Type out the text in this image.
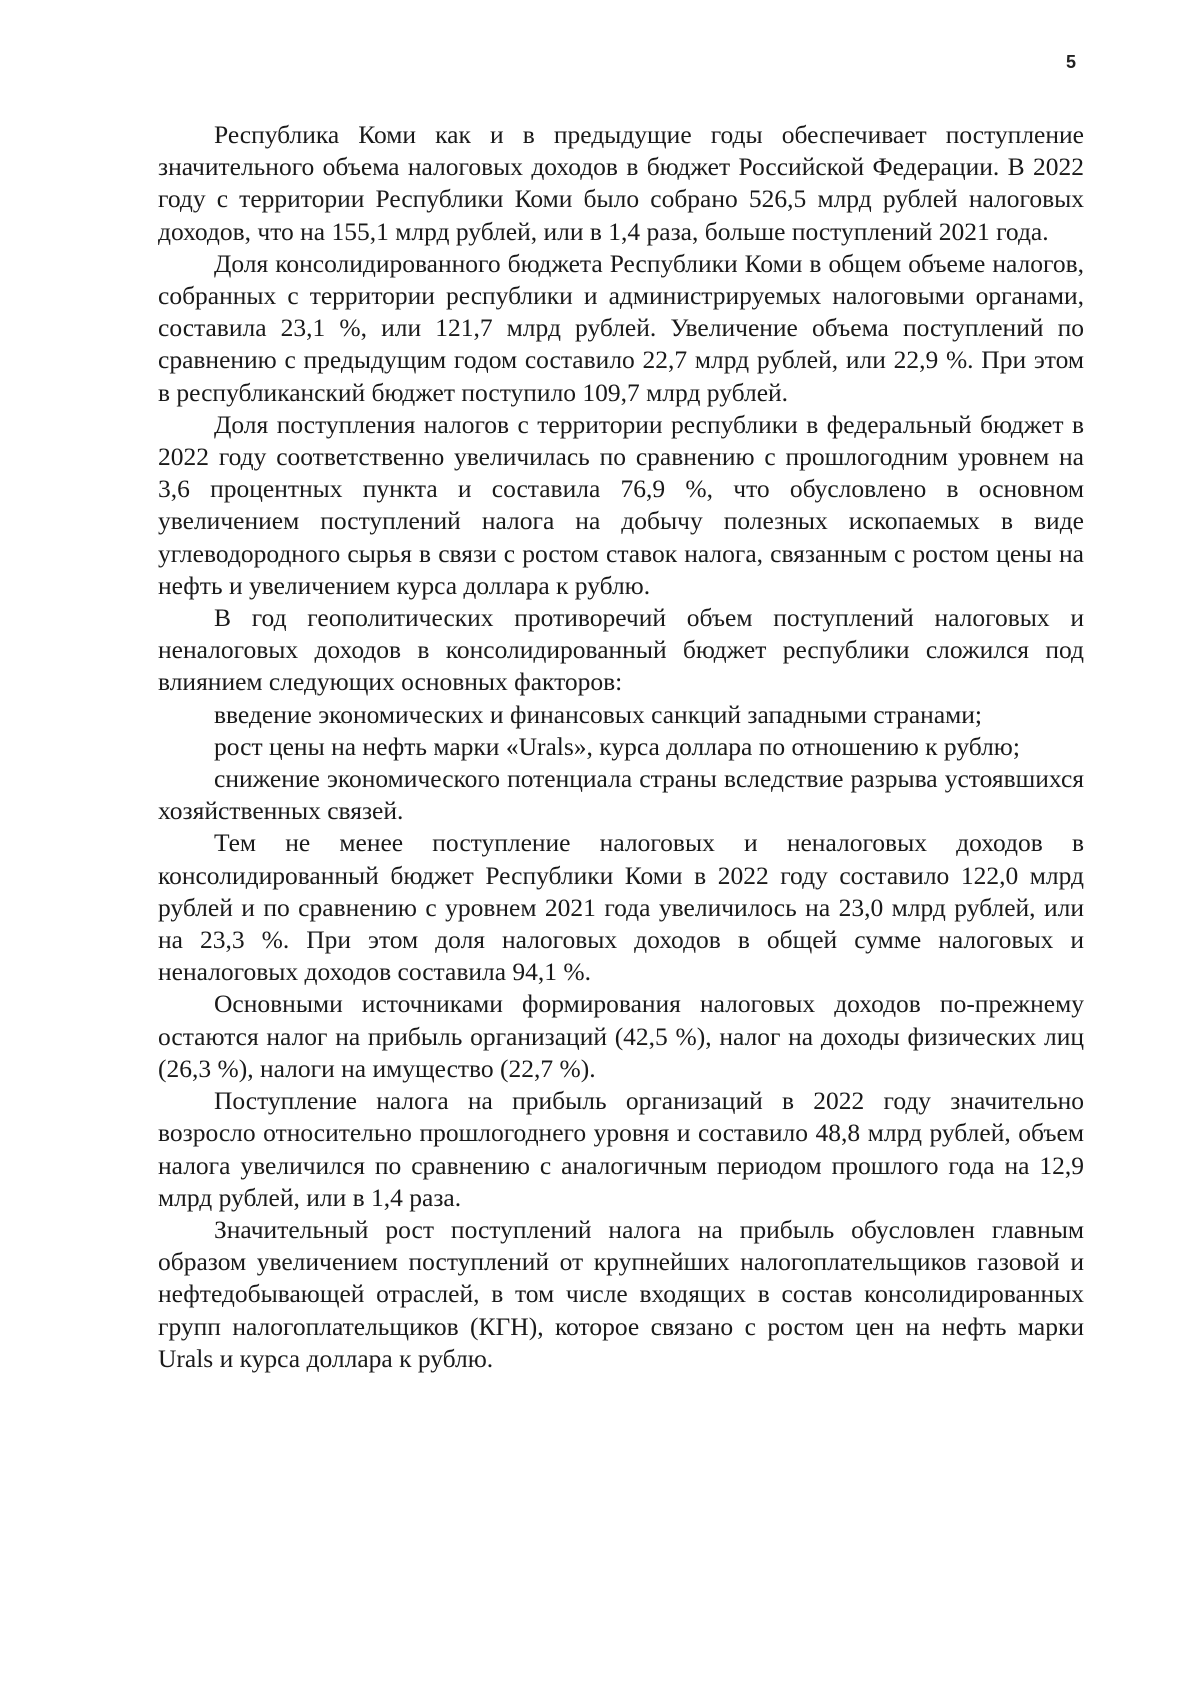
5

Республика Коми как и в предыдущие годы обеспечивает поступление значительного объема налоговых доходов в бюджет Российской Федерации. В 2022 году с территории Республики Коми было собрано 526,5 млрд рублей налоговых доходов, что на 155,1 млрд рублей, или в 1,4 раза, больше поступлений 2021 года.

Доля консолидированного бюджета Республики Коми в общем объеме налогов, собранных с территории республики и администрируемых налоговыми органами, составила 23,1 %, или 121,7 млрд рублей. Увеличение объема поступлений по сравнению с предыдущим годом составило 22,7 млрд рублей, или 22,9 %. При этом в республиканский бюджет поступило 109,7 млрд рублей.

Доля поступления налогов с территории республики в федеральный бюджет в 2022 году соответственно увеличилась по сравнению с прошлогодним уровнем на 3,6 процентных пункта и составила 76,9 %, что обусловлено в основном увеличением поступлений налога на добычу полезных ископаемых в виде углеводородного сырья в связи с ростом ставок налога, связанным с ростом цены на нефть и увеличением курса доллара к рублю.

В год геополитических противоречий объем поступлений налоговых и неналоговых доходов в консолидированный бюджет республики сложился под влиянием следующих основных факторов:

введение экономических и финансовых санкций западными странами;

рост цены на нефть марки «Urals», курса доллара по отношению к рублю;

снижение экономического потенциала страны вследствие разрыва устоявшихся хозяйственных связей.

Тем не менее поступление налоговых и неналоговых доходов в консолидированный бюджет Республики Коми в 2022 году составило 122,0 млрд рублей и по сравнению с уровнем 2021 года увеличилось на 23,0 млрд рублей, или на 23,3 %. При этом доля налоговых доходов в общей сумме налоговых и неналоговых доходов составила 94,1 %.

Основными источниками формирования налоговых доходов по-прежнему остаются налог на прибыль организаций (42,5 %), налог на доходы физических лиц (26,3 %), налоги на имущество (22,7 %).

Поступление налога на прибыль организаций в 2022 году значительно возросло относительно прошлогоднего уровня и составило 48,8 млрд рублей, объем налога увеличился по сравнению с аналогичным периодом прошлого года на 12,9 млрд рублей, или в 1,4 раза.

Значительный рост поступлений налога на прибыль обусловлен главным образом увеличением поступлений от крупнейших налогоплательщиков газовой и нефтедобывающей отраслей, в том числе входящих в состав консолидированных групп налогоплательщиков (КГН), которое связано с ростом цен на нефть марки Urals и курса доллара к рублю.
